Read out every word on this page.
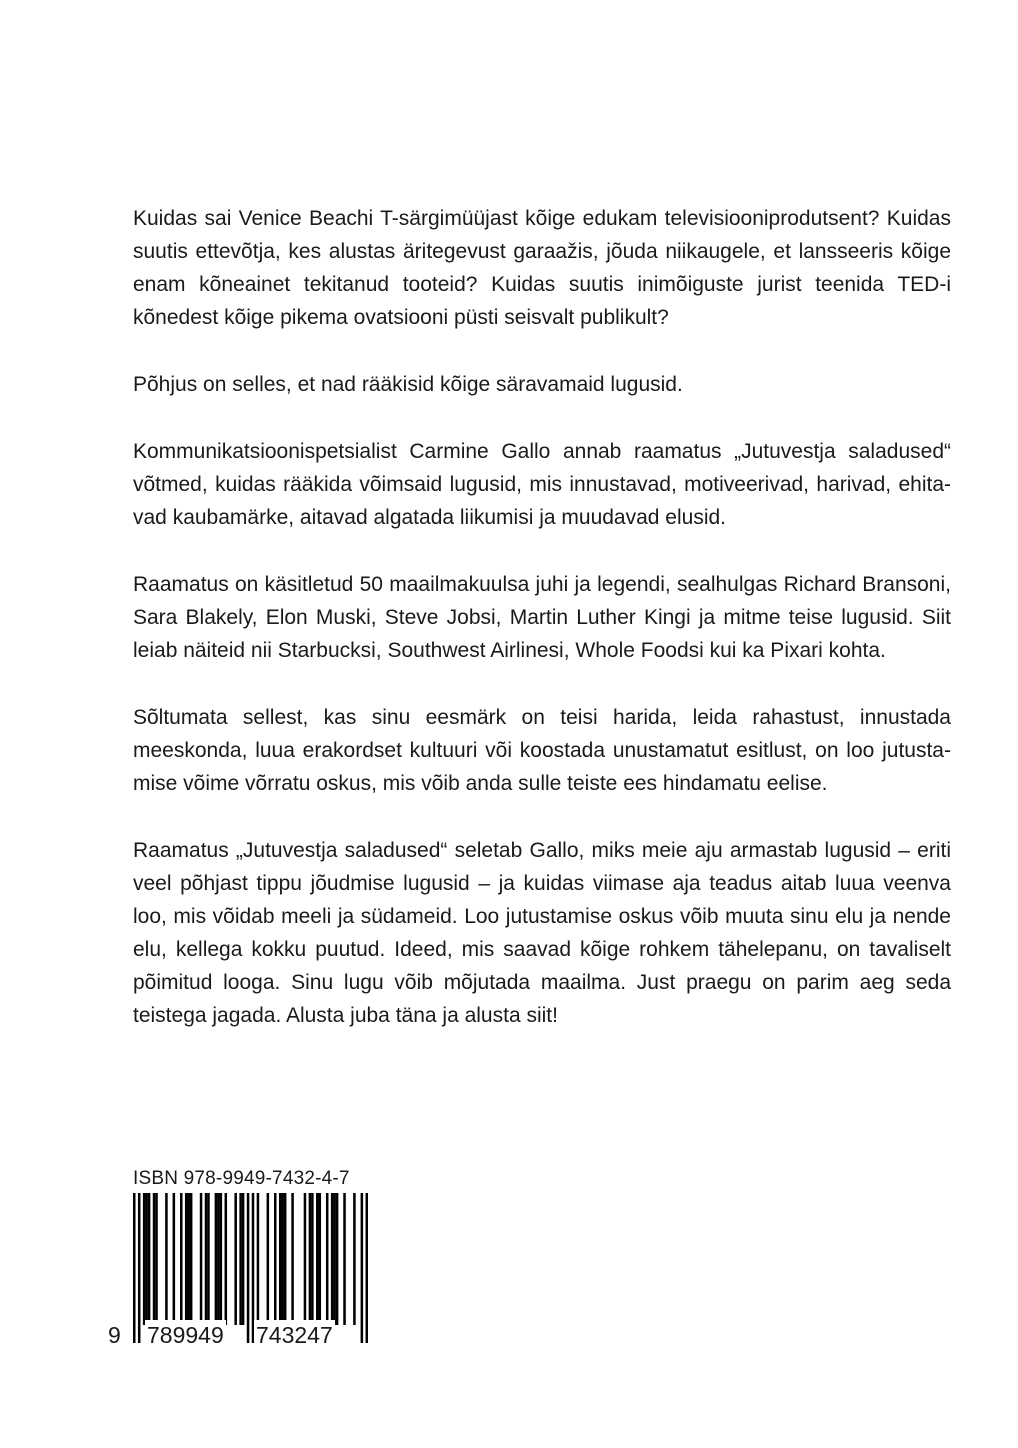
Kuidas sai Venice Beachi T-särgimüüjast kõige edukam televisiooniprodutsent? Kuidas suutis ettevõtja, kes alustas äritegevust garaažis, jõuda niikaugele, et lansseeris kõige enam kõneainet tekitanud tooteid? Kuidas suutis inimõiguste jurist teenida TED-i kõnedest kõige pikema ovatsiooni püsti seisvalt publikult?

Põhjus on selles, et nad rääkisid kõige säravamaid lugusid.

Kommunikatsioonispetsialist Carmine Gallo annab raamatus „Jutuvestja saladused“ võtmed, kuidas rääkida võimsaid lugusid, mis innustavad, motiveerivad, harivad, ehitavad kaubamärke, aitavad algatada liikumisi ja muudavad elusid.

Raamatus on käsitletud 50 maailmakuulsa juhi ja legendi, sealhulgas Richard Bransoni, Sara Blakely, Elon Muski, Steve Jobsi, Martin Luther Kingi ja mitme teise lugusid. Siit leiab näiteid nii Starbucksi, Southwest Airlinesi, Whole Foodsi kui ka Pixari kohta.

Sõltumata sellest, kas sinu eesmärk on teisi harida, leida rahastust, innustada meeskonda, luua erakordset kultuuri või koostada unustamatut esitlust, on loo jutustamise võime võrratu oskus, mis võib anda sulle teiste ees hindamatu eelise.

Raamatus „Jutuvestja saladused“ seletab Gallo, miks meie aju armastab lugusid – eriti veel põhjast tippu jõudmise lugusid – ja kuidas viimase aja teadus aitab luua veenva loo, mis võidab meeli ja südameid. Loo jutustamise oskus võib muuta sinu elu ja nende elu, kellega kokku puutud. Ideed, mis saavad kõige rohkem tähelepanu, on tavaliselt põimitud looga. Sinu lugu võib mõjutada maailma. Just praegu on parim aeg seda teistega jagada. Alusta juba täna ja alusta siit!

ISBN 978-9949-7432-4-7
9 789949 743247
